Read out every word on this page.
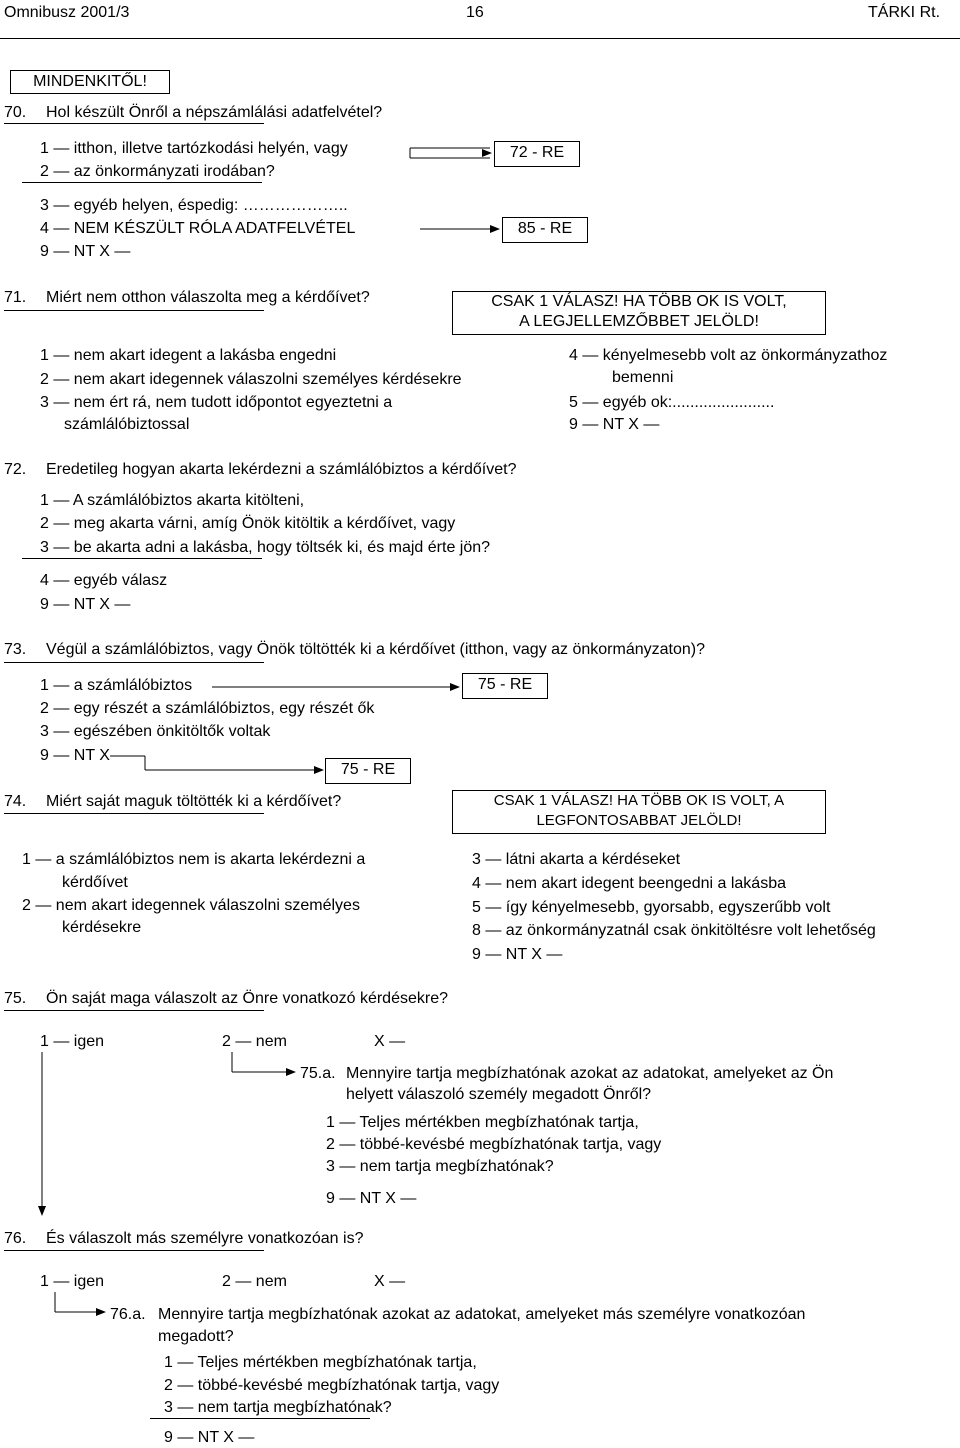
Omnibusz 2001/3	16	TÁRKI Rt.
MINDENKITŐL!
70. Hol készült Önről a népszámlálási adatfelvétel?
1 — itthon, illetve tartózkodási helyén, vagy
2 — az önkormányzati irodában?
3 — egyéb helyen, éspedig: ………………..
4 — NEM KÉSZÜLT RÓLA ADATFELVÉTEL
9 — NT X —
72 - RE
85 - RE
71. Miért nem otthon válaszolta meg a kérdőívet?	CSAK 1 VÁLASZ! HA TÖBB OK IS VOLT,
A LEGJELLEMZŐBBET JELÖLD!
1 — nem akart idegent a lakásba engedni
2 — nem akart idegennek válaszolni személyes kérdésekre
3 — nem ért rá, nem tudott időpontot egyeztetni a
számlálóbiztossal
4 — kényelmesebb volt az önkormányzathoz
bemenni
5 — egyéb ok:.......................
9 — NT X —
72. Eredetileg hogyan akarta lekérdezni a számlálóbiztos a kérdőívet?
1 — A számlálóbiztos akarta kitölteni,
2 — meg akarta várni, amíg Önök kitöltik a kérdőívet, vagy
3 — be akarta adni a lakásba, hogy töltsék ki, és majd érte jön?
4 — egyéb válasz
9 — NT X —
73. Végül a számlálóbiztos, vagy Önök töltötték ki a kérdőívet (itthon, vagy az önkormányzaton)?
1 — a számlálóbiztos
2 — egy részét a számlálóbiztos, egy részét ők
3 — egészében önkitöltők voltak
9 — NT X —
75 - RE
75 - RE
74. Miért saját maguk töltötték ki a kérdőívet?	CSAK 1 VÁLASZ! HA TÖBB OK IS VOLT, A
LEGFONTOSABBAT JELÖLD!
1 — a számlálóbiztos nem is akarta lekérdezni a
kérdőívet
2 — nem akart idegennek válaszolni személyes
kérdésekre
3 — látni akarta a kérdéseket
4 — nem akart idegent beengedni a lakásba
5 — így kényelmesebb, gyorsabb, egyszerűbb volt
8 — az önkormányzatnál csak önkitöltésre volt lehetőség
9 — NT X —
75. Ön saját maga válaszolt az Önre vonatkozó kérdésekre?
1 — igen	2 — nem	X —
75.a. Mennyire tartja megbízhatónak azokat az adatokat, amelyeket az Ön
helyett válaszoló személy megadott Önről?
1 — Teljes mértékben megbízhatónak tartja,
2 — többé-kevésbé megbízhatónak tartja, vagy
3 — nem tartja megbízhatónak?
9 — NT X —
76. És válaszolt más személyre vonatkozóan is?
1 — igen	2 — nem	X —
76.a. Mennyire tartja megbízhatónak azokat az adatokat, amelyeket más személyre vonatkozóan
megadott?
1 — Teljes mértékben megbízhatónak tartja,
2 — többé-kevésbé megbízhatónak tartja, vagy
3 — nem tartja megbízhatónak?
9 — NT X —
